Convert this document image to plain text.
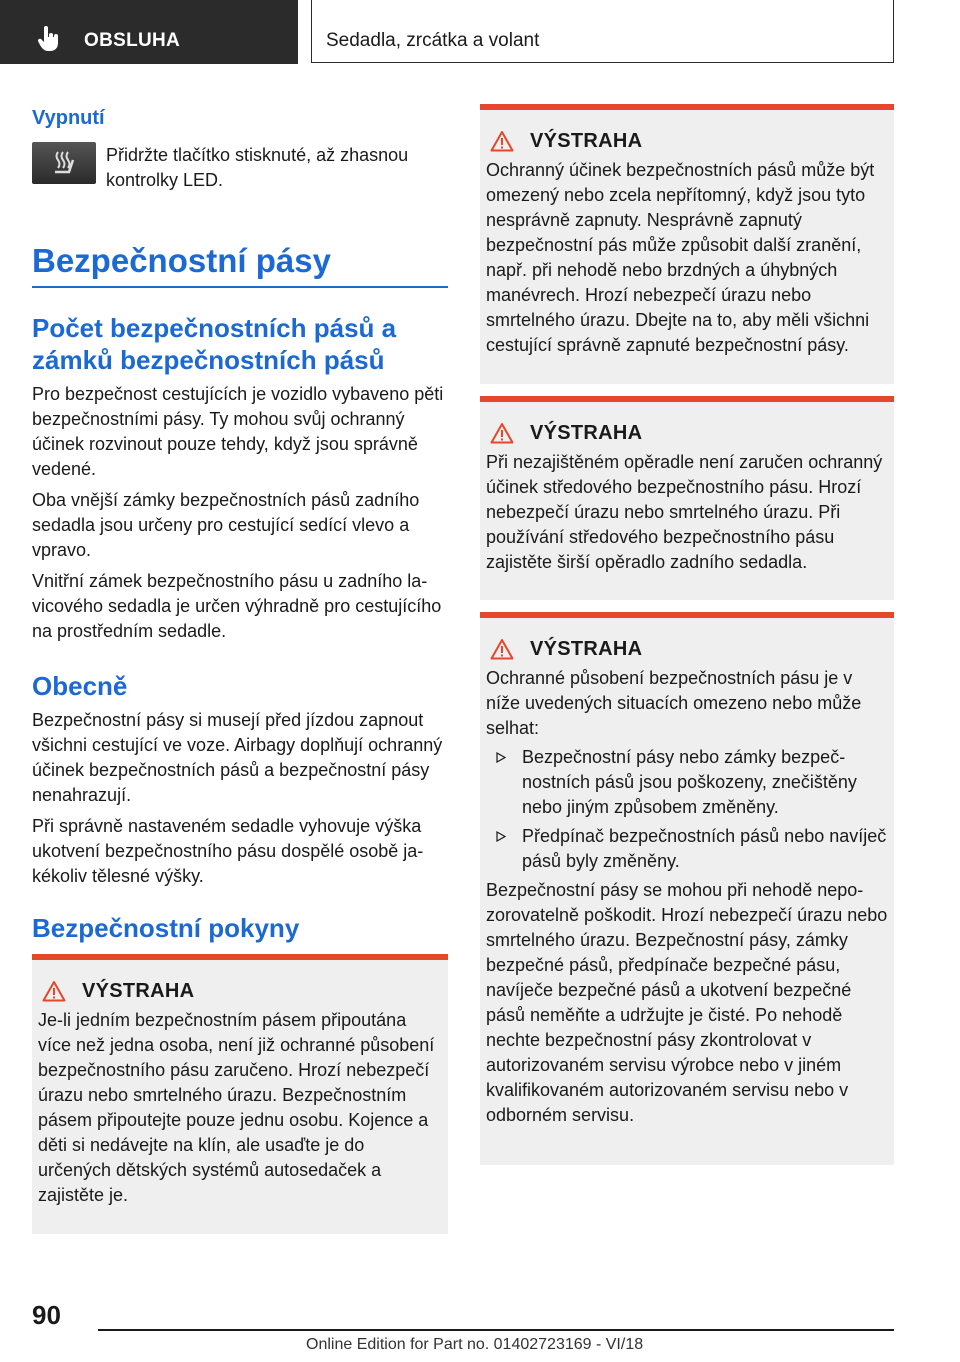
OBSLUHA	Sedadla, zrcátka a volant
Vypnutí

Přidržte tlačítko stisknuté, až zhasnou kontrolky LED.

Bezpečnostní pásy
Počet bezpečnostních pásů a zámků bezpečnostních pásů

Pro bezpečnost cestujících je vozidlo vybaveno pěti bezpečnostními pásy. Ty mohou svůj ochranný účinek rozvinout pouze tehdy, když jsou správně vedené.

Oba vnější zámky bezpečnostních pásů zadního sedadla jsou určeny pro cestující sedící vlevo a vpravo.

Vnitřní zámek bezpečnostního pásu u zadního lavicového sedadla je určen výhradně pro cestujícího na prostředním sedadle.

Obecně

Bezpečnostní pásy si musejí před jízdou zapnout všichni cestující ve voze. Airbagy doplňují ochranný účinek bezpečnostních pásů a bezpečnostní pásy nenahrazují.

Při správně nastaveném sedadle vyhovuje výška ukotvení bezpečnostního pásu dospělé osobě jakékoliv tělesné výšky.

Bezpečnostní pokyny
VÝSTRAHA

Je-li jedním bezpečnostním pásem připoutána více než jedna osoba, není již ochranné působení bezpečnostního pásu zaručeno. Hrozí nebezpečí úrazu nebo smrtelného úrazu. Bezpečnostním pásem připoutejte pouze jednu osobu. Kojence a děti si nedávejte na klín, ale usaďte je do určených dětských systémů autosedaček a zajistěte je.

VÝSTRAHA

Ochranný účinek bezpečnostních pásů může být omezený nebo zcela nepřítomný, když jsou tyto nesprávně zapnuty. Nesprávně zapnutý bezpečnostní pás může způsobit další zranění, např. při nehodě nebo brzdných a úhybných manévrech. Hrozí nebezpečí úrazu nebo smrtelného úrazu. Dbejte na to, aby měli všichni cestující správně zapnuté bezpečnostní pásy.

VÝSTRAHA

Při nezajištěném opěradle není zaručen ochranný účinek středového bezpečnostního pásu. Hrozí nebezpečí úrazu nebo smrtelného úrazu. Při používání středového bezpečnostního pásu zajistěte širší opěradlo zadního sedadla.

VÝSTRAHA

Ochranné působení bezpečnostních pásu je v níže uvedených situacích omezeno nebo může selhat:

Bezpečnostní pásy nebo zámky bezpečnostních pásů jsou poškozeny, znečištěny nebo jiným způsobem změněny.
Předpínač bezpečnostních pásů nebo navíječ pásů byly změněny.

Bezpečnostní pásy se mohou při nehodě nepozorovatelně poškodit. Hrozí nebezpečí úrazu nebo smrtelného úrazu. Bezpečnostní pásy, zámky bezpečné pásů, předpínače bezpečné pásu, navíječe bezpečné pásů a ukotvení bezpečné pásů neměňte a udržujte je čisté. Po nehodě nechte bezpečnostní pásy zkontrolovat v autorizovaném servisu výrobce nebo v jiném kvalifikovaném autorizovaném servisu nebo v odborném servisu.

90
Online Edition for Part no. 01402723169 - VI/18
